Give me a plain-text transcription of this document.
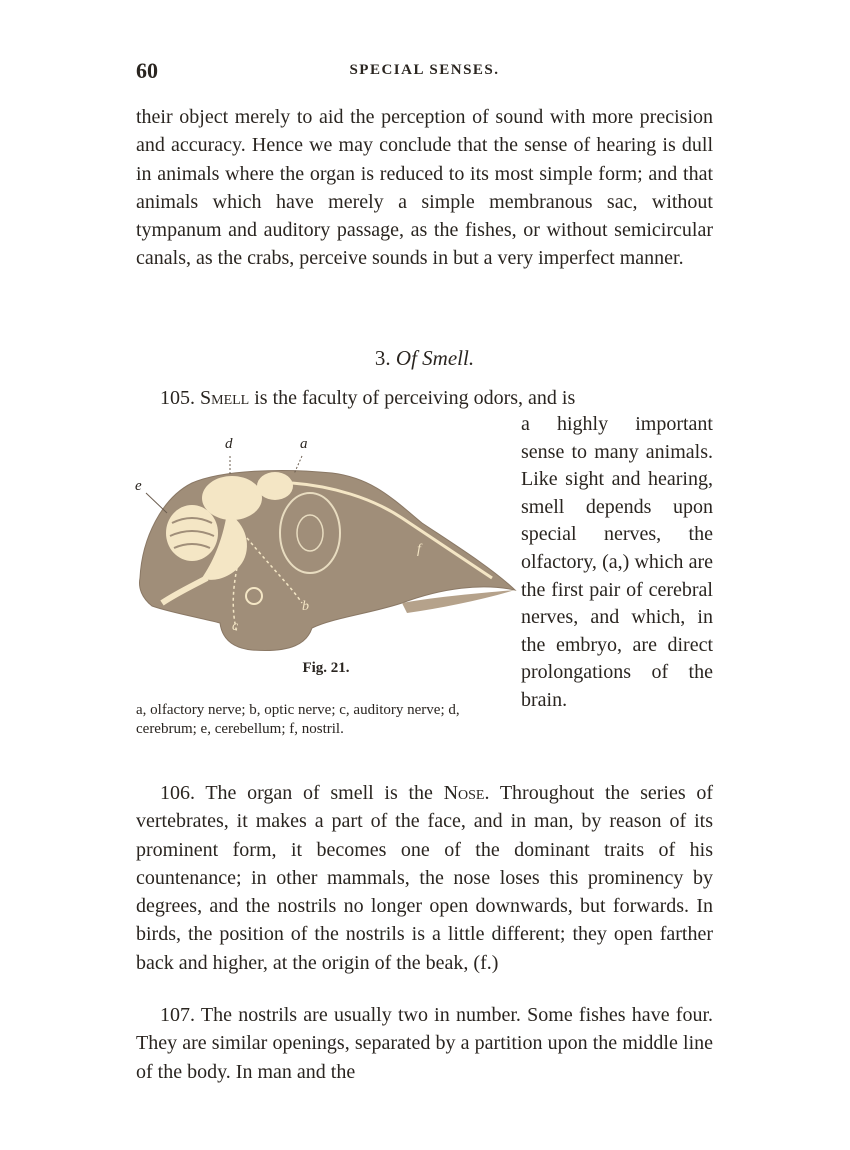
60	SPECIAL SENSES.

their object merely to aid the perception of sound with more precision and accuracy. Hence we may conclude that the sense of hearing is dull in animals where the organ is reduced to its most simple form; and that animals which have merely a simple membranous sac, without tympanum and auditory passage, as the fishes, or without semicircular canals, as the crabs, perceive sounds in but a very imperfect manner.

3. Of Smell.
105. Smell is the faculty of perceiving odors, and is
a highly important sense to many animals. Like sight and hearing, smell depends upon special nerves, the olfactory, (a,) which are the first pair of cerebral nerves, and which, in the embryo, are direct prolongations of the brain.
d	a
e
f
b
c
Fig. 21.
a, olfactory nerve; b, optic nerve; c, auditory nerve; d, cerebrum; e, cerebellum; f, nostril.

106. The organ of smell is the Nose. Throughout the series of vertebrates, it makes a part of the face, and in man, by reason of its prominent form, it becomes one of the dominant traits of his countenance; in other mammals, the nose loses this prominency by degrees, and the nostrils no longer open downwards, but forwards. In birds, the position of the nostrils is a little different; they open farther back and higher, at the origin of the beak, (f.)

107. The nostrils are usually two in number. Some fishes have four. They are similar openings, separated by a partition upon the middle line of the body. In man and the
